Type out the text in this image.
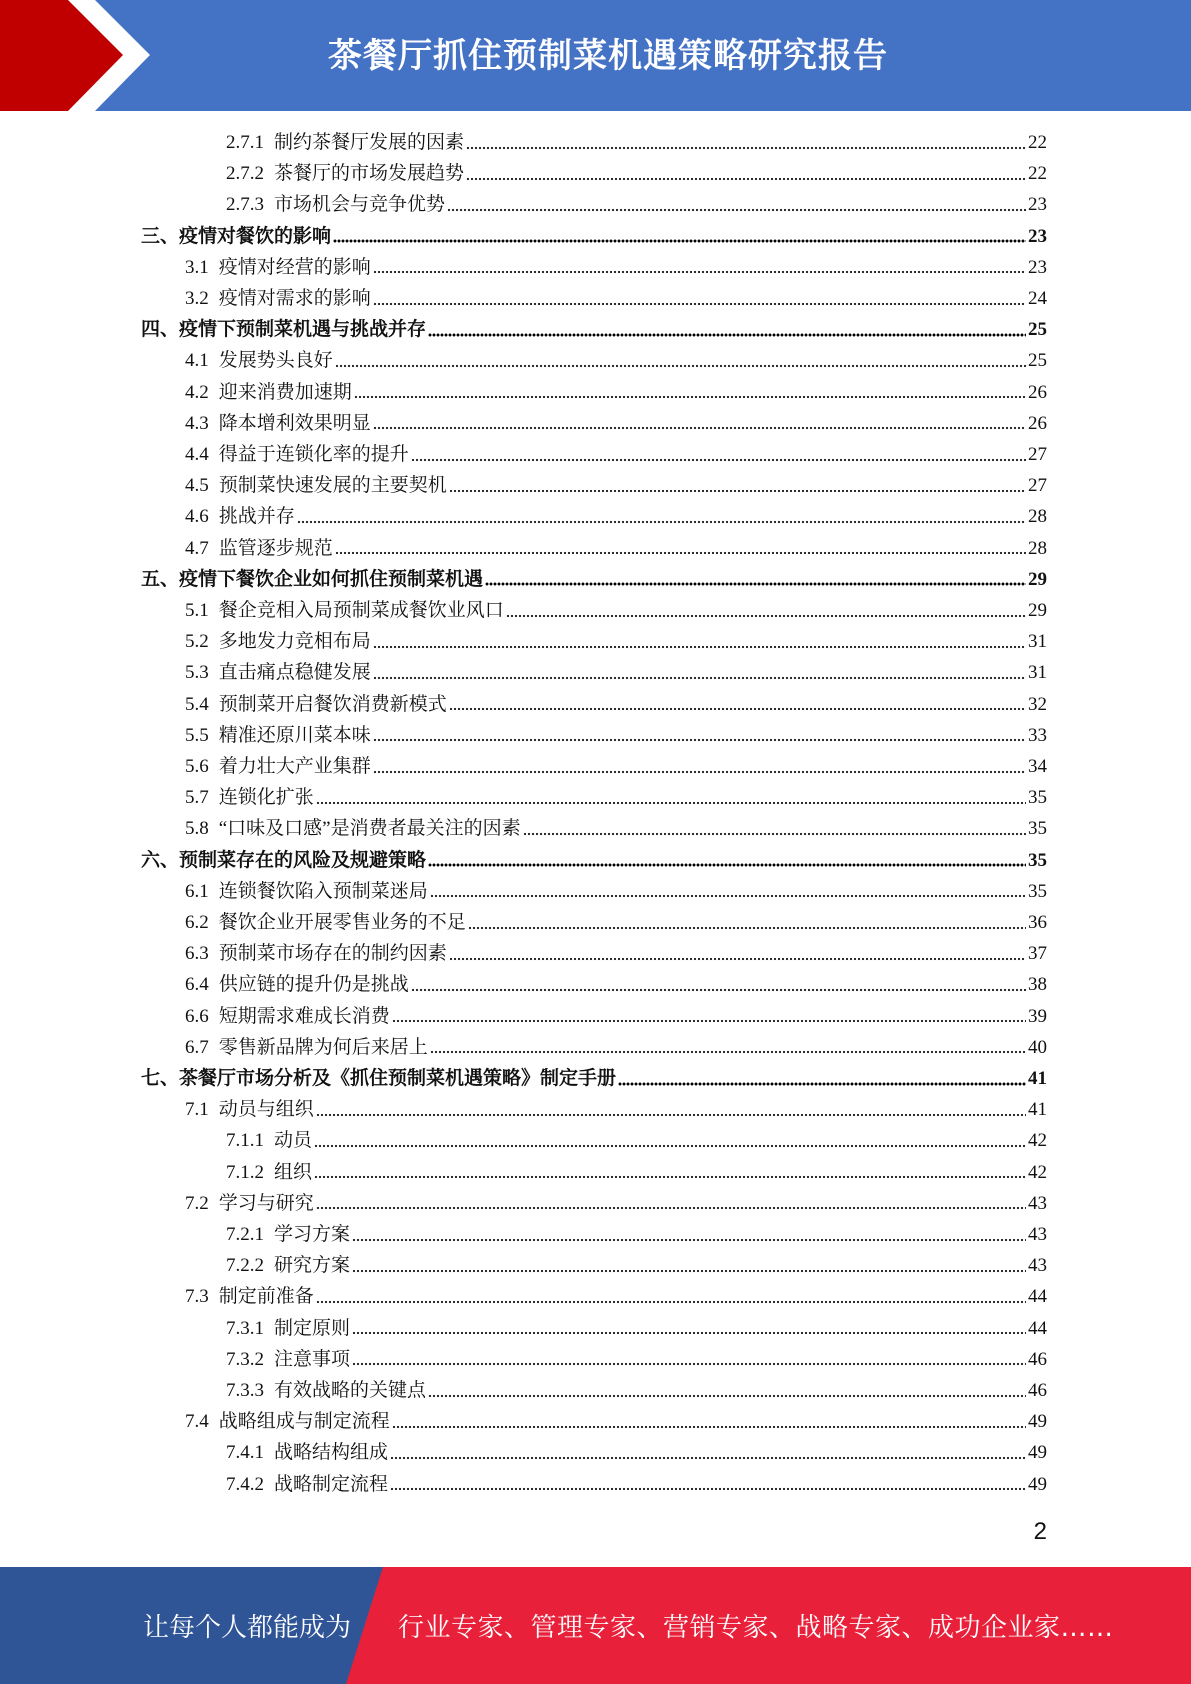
茶餐厅抓住预制菜机遇策略研究报告
2.7.1 制约茶餐厅发展的因素	22
2.7.2 茶餐厅的市场发展趋势	22
2.7.3 市场机会与竞争优势	23
三、 疫情对餐饮的影响	23
3.1 疫情对经营的影响	23
3.2 疫情对需求的影响	24
四、 疫情下预制菜机遇与挑战并存	25
4.1 发展势头良好	25
4.2 迎来消费加速期	26
4.3 降本增利效果明显	26
4.4 得益于连锁化率的提升	27
4.5 预制菜快速发展的主要契机	27
4.6 挑战并存	28
4.7 监管逐步规范	28
五、 疫情下餐饮企业如何抓住预制菜机遇	29
5.1 餐企竞相入局预制菜成餐饮业风口	29
5.2 多地发力竞相布局	31
5.3 直击痛点稳健发展	31
5.4 预制菜开启餐饮消费新模式	32
5.5 精准还原川菜本味	33
5.6 着力壮大产业集群	34
5.7 连锁化扩张	35
5.8 “口味及口感”是消费者最关注的因素	35
六、 预制菜存在的风险及规避策略	35
6.1 连锁餐饮陷入预制菜迷局	35
6.2 餐饮企业开展零售业务的不足	36
6.3 预制菜市场存在的制约因素	37
6.4 供应链的提升仍是挑战	38
6.6 短期需求难成长消费	39
6.7 零售新品牌为何后来居上	40
七、 茶餐厅市场分析及《抓住预制菜机遇策略》制定手册	41
7.1 动员与组织	41
7.1.1 动员	42
7.1.2 组织	42
7.2 学习与研究	43
7.2.1 学习方案	43
7.2.2 研究方案	43
7.3 制定前准备	44
7.3.1 制定原则	44
7.3.2 注意事项	46
7.3.3 有效战略的关键点	46
7.4 战略组成与制定流程	49
7.4.1 战略结构组成	49
7.4.2 战略制定流程	49
2
让每个人都能成为 行业专家、管理专家、营销专家、战略专家、成功企业家……
